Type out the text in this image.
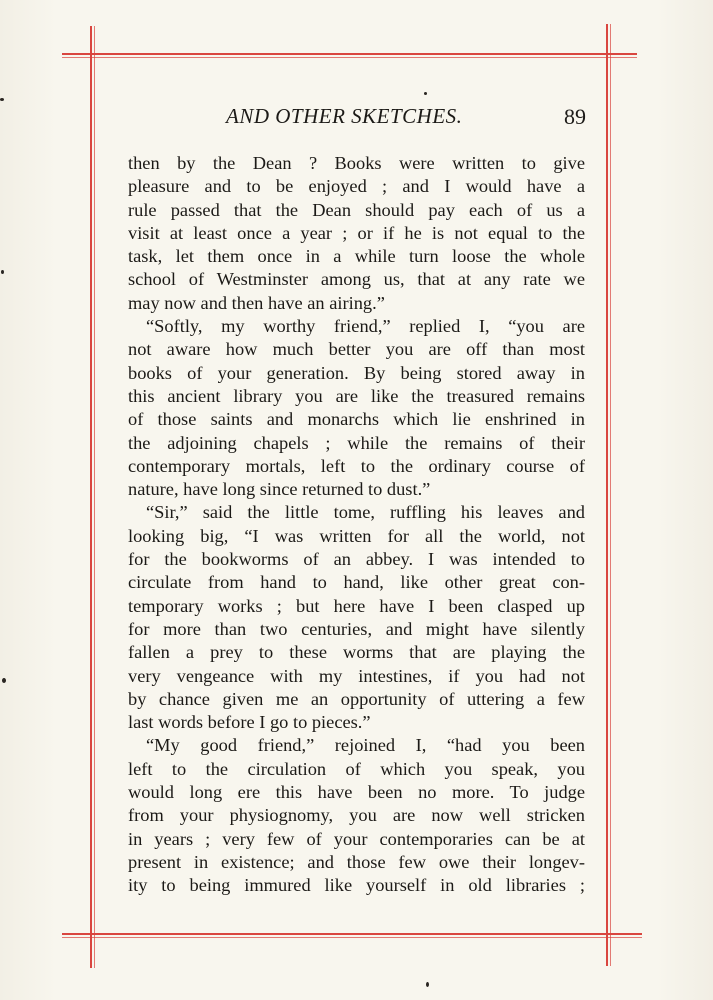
AND OTHER SKETCHES.	89
then by the Dean ? Books were written to give
pleasure and to be enjoyed ; and I would have a
rule passed that the Dean should pay each of us a
visit at least once a year ; or if he is not equal to the
task, let them once in a while turn loose the whole
school of Westminster among us, that at any rate we
may now and then have an airing.”
“Softly, my worthy friend,” replied I, “you are
not aware how much better you are off than most
books of your generation. By being stored away in
this ancient library you are like the treasured remains
of those saints and monarchs which lie enshrined in
the adjoining chapels ; while the remains of their
contemporary mortals, left to the ordinary course of
nature, have long since returned to dust.”
“Sir,” said the little tome, ruffling his leaves and
looking big, “I was written for all the world, not
for the bookworms of an abbey. I was intended to
circulate from hand to hand, like other great con-
temporary works ; but here have I been clasped up
for more than two centuries, and might have silently
fallen a prey to these worms that are playing the
very vengeance with my intestines, if you had not
by chance given me an opportunity of uttering a few
last words before I go to pieces.”
“My good friend,” rejoined I, “had you been
left to the circulation of which you speak, you
would long ere this have been no more. To judge
from your physiognomy, you are now well stricken
in years ; very few of your contemporaries can be at
present in existence; and those few owe their longev-
ity to being immured like yourself in old libraries ;
